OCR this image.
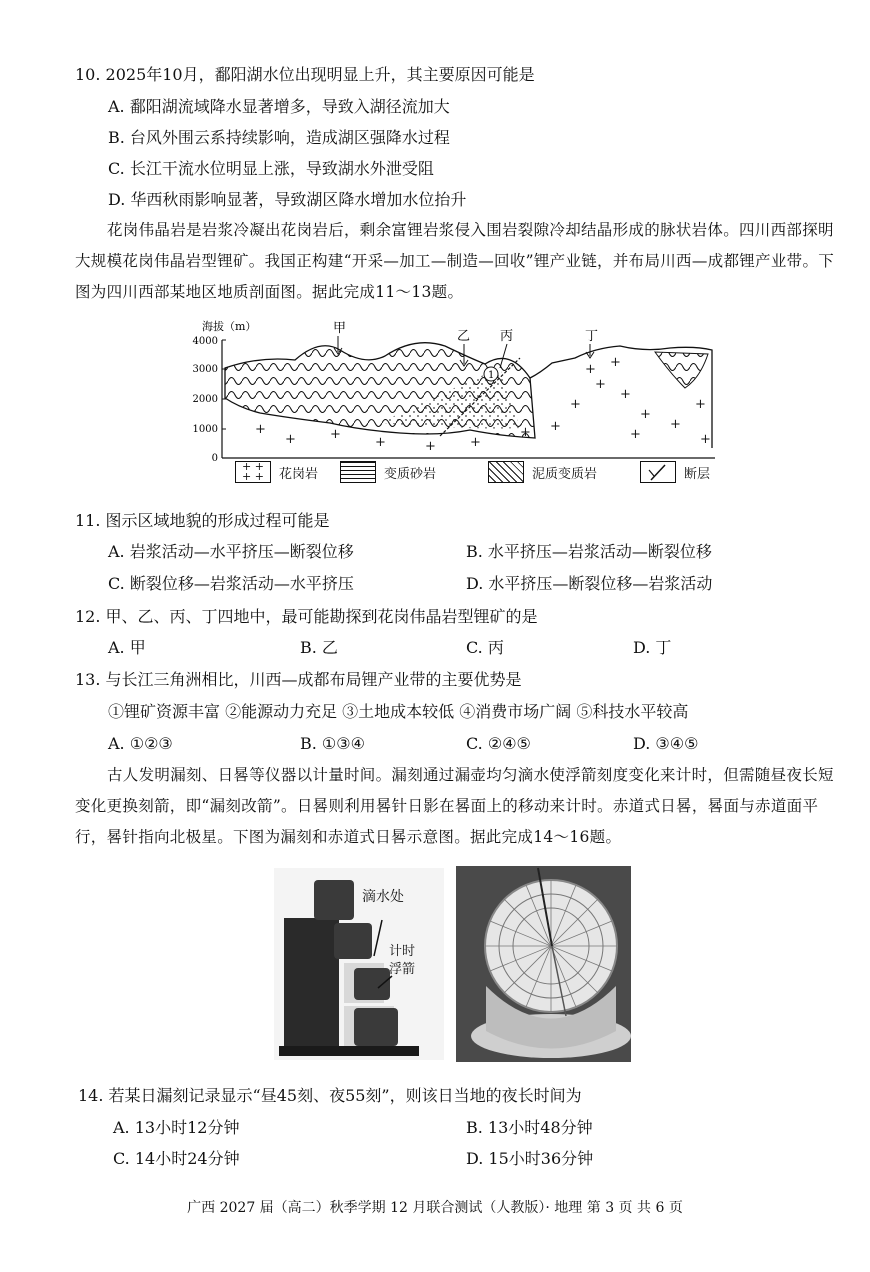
10. 2025年10月，鄱阳湖水位出现明显上升，其主要原因可能是
A. 鄱阳湖流域降水显著增多，导致入湖径流加大
B. 台风外围云系持续影响，造成湖区强降水过程
C. 长江干流水位明显上涨，导致湖水外泄受阻
D. 华西秋雨影响显著，导致湖区降水增加水位抬升
花岗伟晶岩是岩浆冷凝出花岗岩后，剩余富锂岩浆侵入围岩裂隙冷却结晶形成的脉状岩体。四川西部探明大规模花岗伟晶岩型锂矿。我国正构建“开采—加工—制造—回收”锂产业链，并布局川西—成都锂产业带。下图为四川西部某地区地质剖面图。据此完成11～13题。
海拔（m）
4000
3000
2000
1000
0
+
+	+
+	+	+
+ +
+
+
+
+
+
+
+
+
+ +
甲
乙 丙	丁
1
+ +
+ +	花岗岩	变质砂岩	泥质变质岩	断层
11. 图示区域地貌的形成过程可能是
A. 岩浆活动—水平挤压—断裂位移	B. 水平挤压—岩浆活动—断裂位移
C. 断裂位移—岩浆活动—水平挤压	D. 水平挤压—断裂位移—岩浆活动
12. 甲、乙、丙、丁四地中，最可能勘探到花岗伟晶岩型锂矿的是
A. 甲	B. 乙	C. 丙	D. 丁
13. 与长江三角洲相比，川西—成都布局锂产业带的主要优势是
①锂矿资源丰富 ②能源动力充足 ③土地成本较低 ④消费市场广阔 ⑤科技水平较高
A. ①②③	B. ①③④	C. ②④⑤	D. ③④⑤
古人发明漏刻、日晷等仪器以计量时间。漏刻通过漏壶均匀滴水使浮箭刻度变化来计时，但需随昼夜长短变化更换刻箭，即“漏刻改箭”。日晷则利用晷针日影在晷面上的移动来计时。赤道式日晷，晷面与赤道面平行，晷针指向北极星。下图为漏刻和赤道式日晷示意图。据此完成14～16题。
滴水处
计时
浮箭
14. 若某日漏刻记录显示“昼45刻、夜55刻”，则该日当地的夜长时间为
A. 13小时12分钟	B. 13小时48分钟
C. 14小时24分钟	D. 15小时36分钟
广西 2027 届（高二）秋季学期 12 月联合测试（人教版）· 地理 第 3 页 共 6 页
